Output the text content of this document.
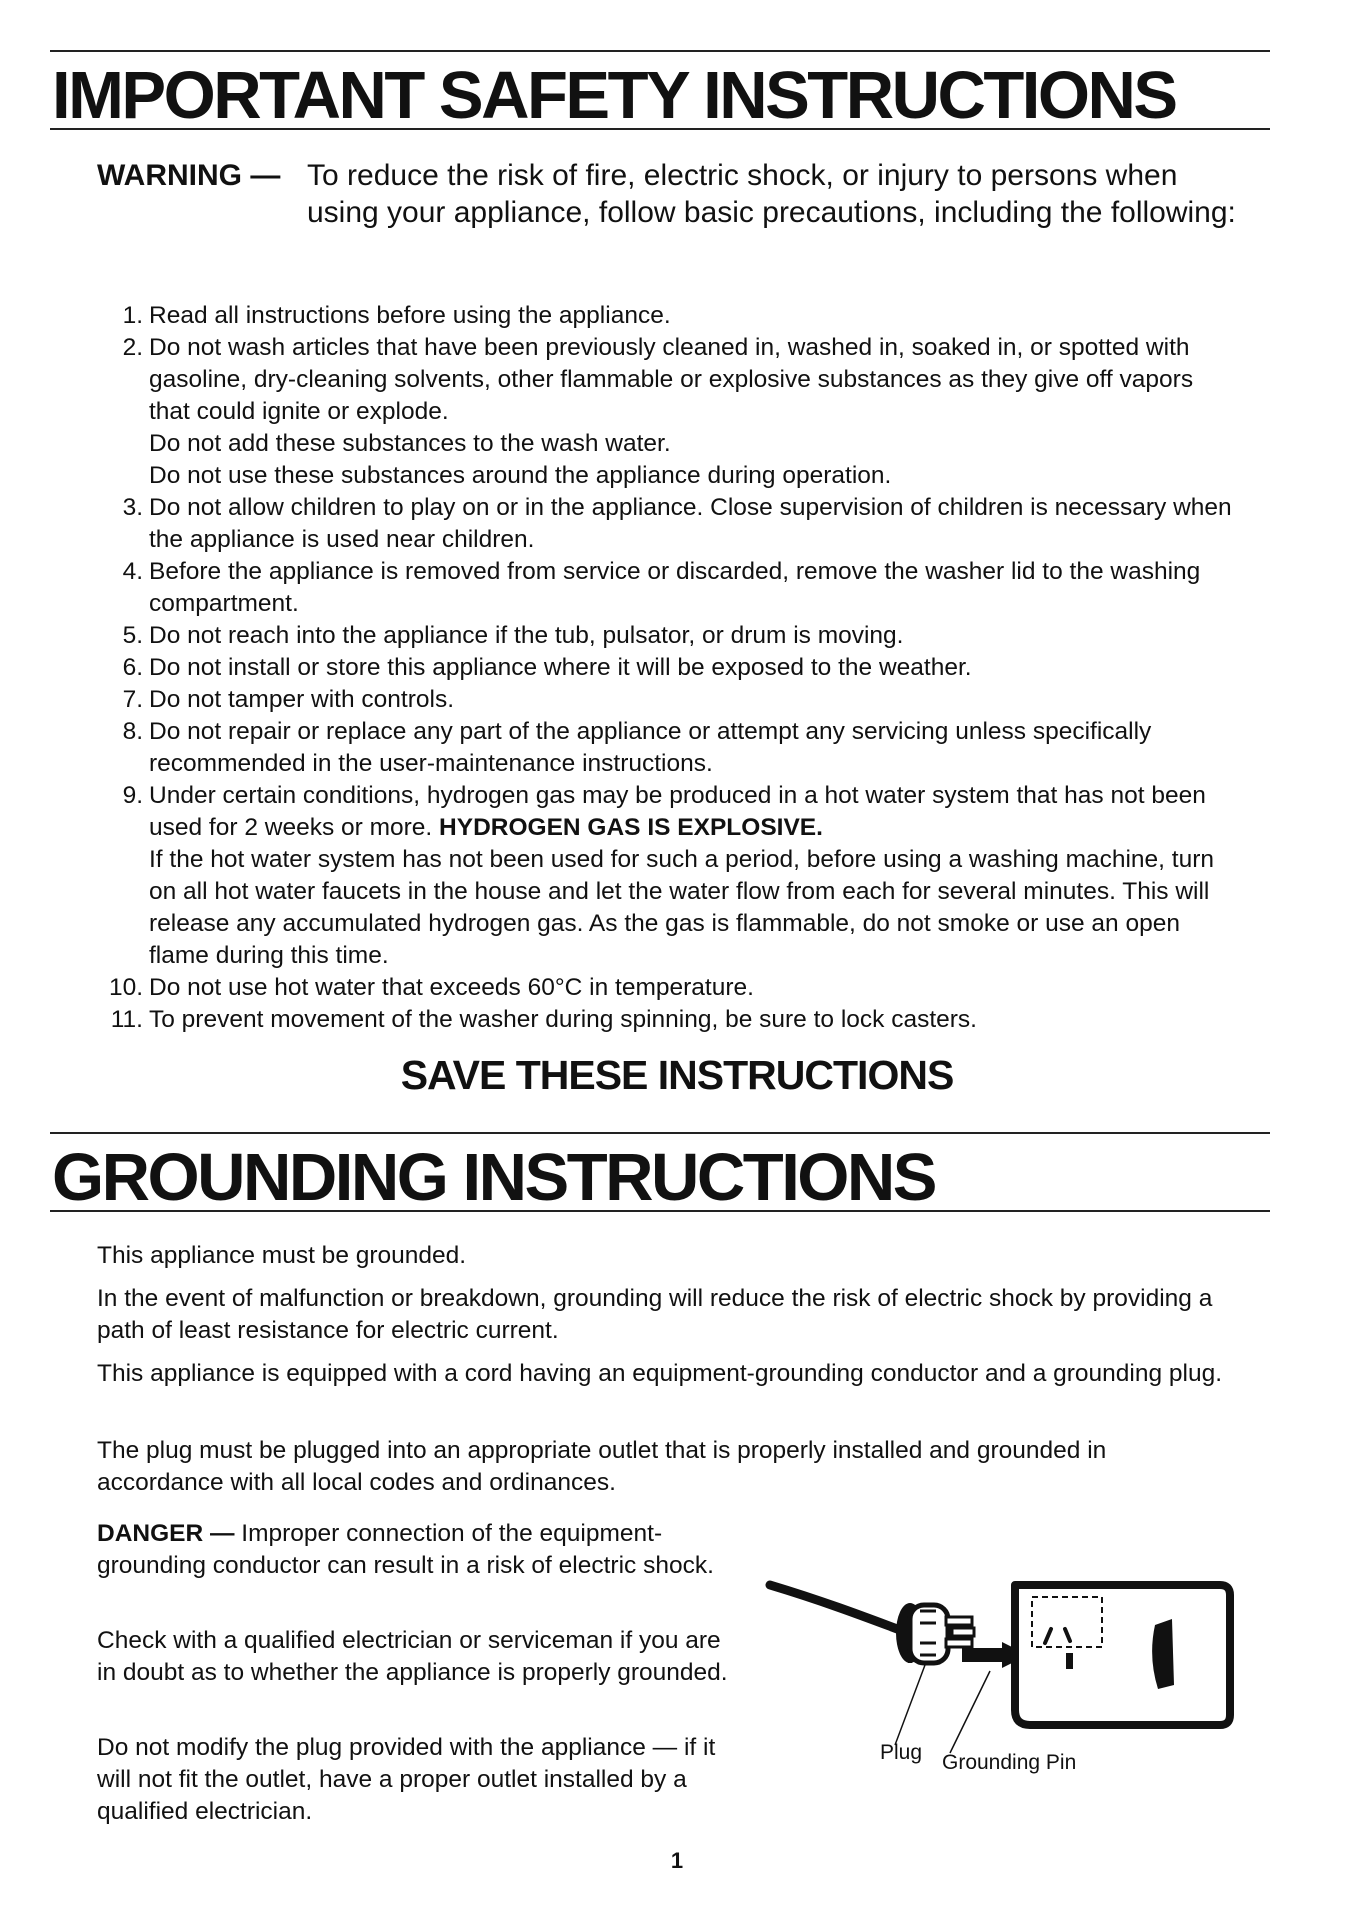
IMPORTANT SAFETY INSTRUCTIONS
WARNING — To reduce the risk of fire, electric shock, or injury to persons when using your appliance, follow basic precautions, including the following:
1. Read all instructions before using the appliance.
2. Do not wash articles that have been previously cleaned in, washed in, soaked in, or spotted with gasoline, dry-cleaning solvents, other flammable or explosive substances as they give off vapors that could ignite or explode.
Do not add these substances to the wash water.
Do not use these substances around the appliance during operation.
3. Do not allow children to play on or in the appliance. Close supervision of children is necessary when the appliance is used near children.
4. Before the appliance is removed from service or discarded, remove the washer lid to the washing compartment.
5. Do not reach into the appliance if the tub, pulsator, or drum is moving.
6. Do not install or store this appliance where it will be exposed to the weather.
7. Do not tamper with controls.
8. Do not repair or replace any part of the appliance or attempt any servicing unless specifically recommended in the user-maintenance instructions.
9. Under certain conditions, hydrogen gas may be produced in a hot water system that has not been used for 2 weeks or more. HYDROGEN GAS IS EXPLOSIVE.
If the hot water system has not been used for such a period, before using a washing machine, turn on all hot water faucets in the house and let the water flow from each for several minutes. This will release any accumulated hydrogen gas. As the gas is flammable, do not smoke or use an open flame during this time.
10. Do not use hot water that exceeds 60°C in temperature.
11. To prevent movement of the washer during spinning, be sure to lock casters.
SAVE THESE INSTRUCTIONS
GROUNDING INSTRUCTIONS
This appliance must be grounded.
In the event of malfunction or breakdown, grounding will reduce the risk of electric shock by providing a path of least resistance for electric current.
This appliance is equipped with a cord having an equipment-grounding conductor and a grounding plug.
The plug must be plugged into an appropriate outlet that is properly installed and grounded in accordance with all local codes and ordinances.
DANGER — Improper connection of the equipment-grounding conductor can result in a risk of electric shock.
Check with a qualified electrician or serviceman if you are in doubt as to whether the appliance is properly grounded.
Do not modify the plug provided with the appliance — if it will not fit the outlet, have a proper outlet installed by a qualified electrician.
Plug Grounding Pin
1
